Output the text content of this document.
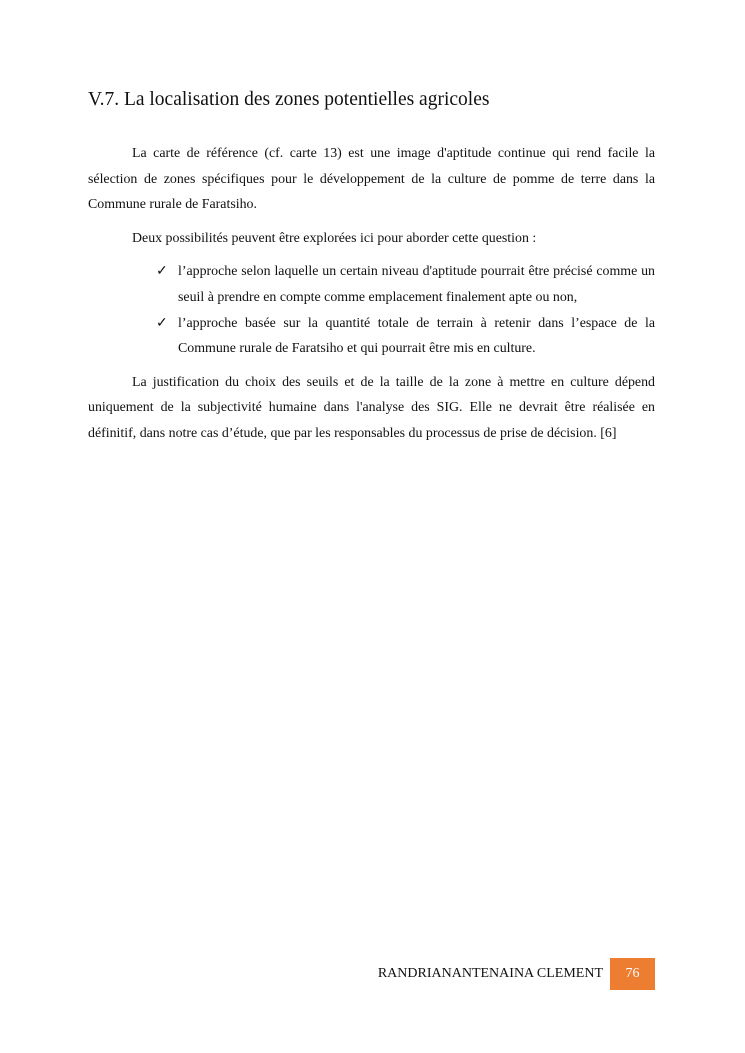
V.7. La localisation des zones potentielles agricoles

La carte de référence (cf. carte 13) est une image d'aptitude continue qui rend facile la sélection de zones spécifiques pour le développement de la culture de pomme de terre dans la Commune rurale de Faratsiho.

Deux possibilités peuvent être explorées ici pour aborder cette question :

✓ l’approche selon laquelle un certain niveau d'aptitude pourrait être précisé comme un seuil à prendre en compte comme emplacement finalement apte ou non,
✓ l’approche basée sur la quantité totale de terrain à retenir dans l’espace de la Commune rurale de Faratsiho et qui pourrait être mis en culture.

La justification du choix des seuils et de la taille de la zone à mettre en culture dépend uniquement de la subjectivité humaine dans l'analyse des SIG. Elle ne devrait être réalisée en définitif, dans notre cas d’étude, que par les responsables du processus de prise de décision. [6]

RANDRIANANTENAINA CLEMENT	76
